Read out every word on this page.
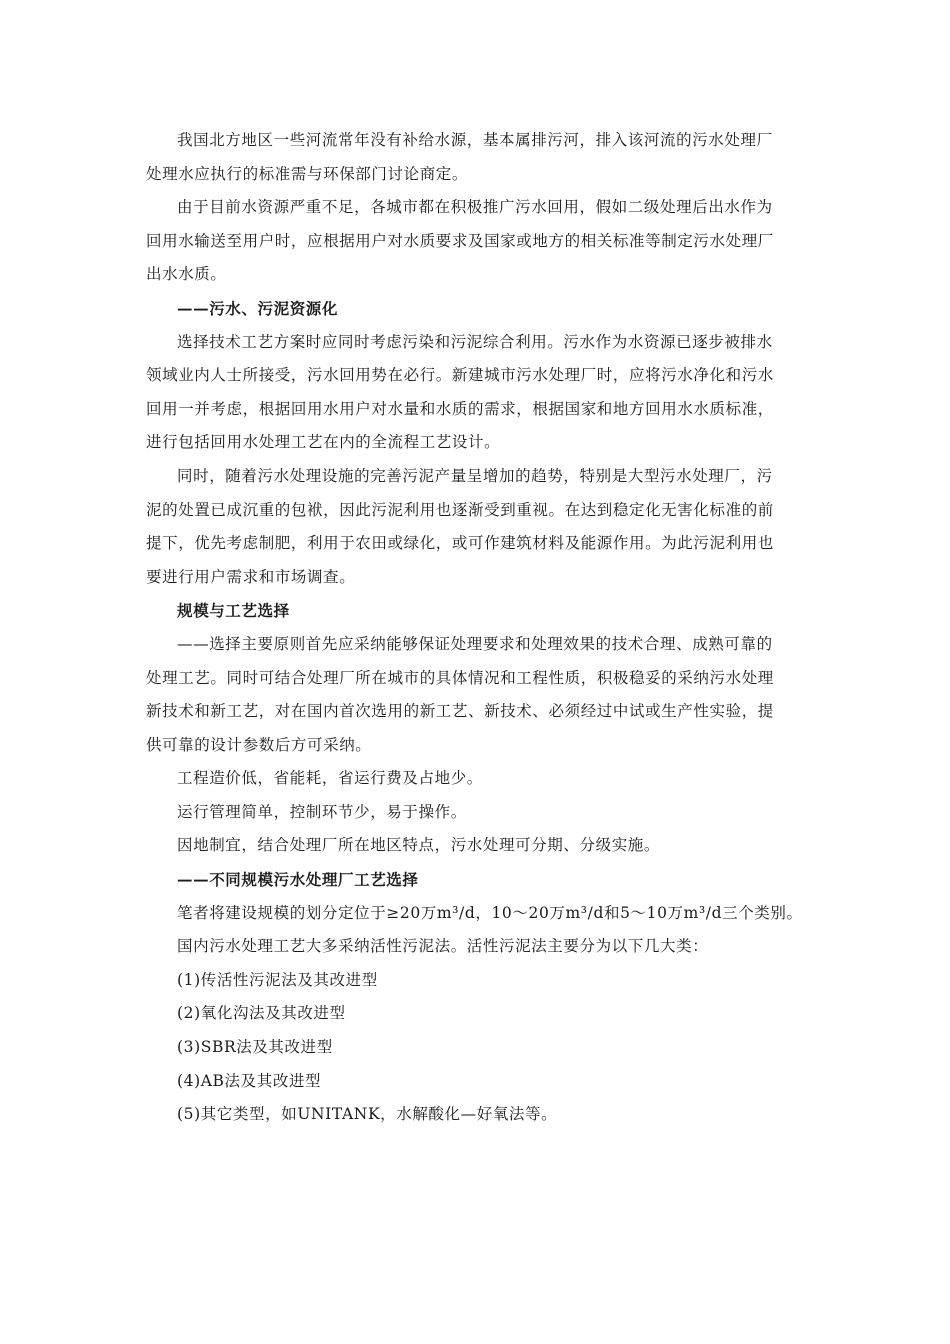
我国北方地区一些河流常年没有补给水源，基本属排污河，排入该河流的污水处理厂
处理水应执行的标准需与环保部门讨论商定。
由于目前水资源严重不足，各城市都在积极推广污水回用，假如二级处理后出水作为
回用水输送至用户时，应根据用户对水质要求及国家或地方的相关标准等制定污水处理厂
出水水质。
——污水、污泥资源化
选择技术工艺方案时应同时考虑污染和污泥综合利用。污水作为水资源已逐步被排水
领域业内人士所接受，污水回用势在必行。新建城市污水处理厂时，应将污水净化和污水
回用一并考虑，根据回用水用户对水量和水质的需求，根据国家和地方回用水水质标准，
进行包括回用水处理工艺在内的全流程工艺设计。
同时，随着污水处理设施的完善污泥产量呈增加的趋势，特别是大型污水处理厂，污
泥的处置已成沉重的包袱，因此污泥利用也逐渐受到重视。在达到稳定化无害化标准的前
提下，优先考虑制肥，利用于农田或绿化，或可作建筑材料及能源作用。为此污泥利用也
要进行用户需求和市场调查。
规模与工艺选择
——选择主要原则首先应采纳能够保证处理要求和处理效果的技术合理、成熟可靠的
处理工艺。同时可结合处理厂所在城市的具体情况和工程性质，积极稳妥的采纳污水处理
新技术和新工艺，对在国内首次选用的新工艺、新技术、必须经过中试或生产性实验，提
供可靠的设计参数后方可采纳。
工程造价低，省能耗，省运行费及占地少。
运行管理简单，控制环节少，易于操作。
因地制宜，结合处理厂所在地区特点，污水处理可分期、分级实施。
——不同规模污水处理厂工艺选择
笔者将建设规模的划分定位于≥20万m³/d，10～20万m³/d和5～10万m³/d三个类别。
国内污水处理工艺大多采纳活性污泥法。活性污泥法主要分为以下几大类：
(1)传活性污泥法及其改进型
(2)氧化沟法及其改进型
(3)SBR法及其改进型
(4)AB法及其改进型
(5)其它类型，如UNITANK，水解酸化—好氧法等。
